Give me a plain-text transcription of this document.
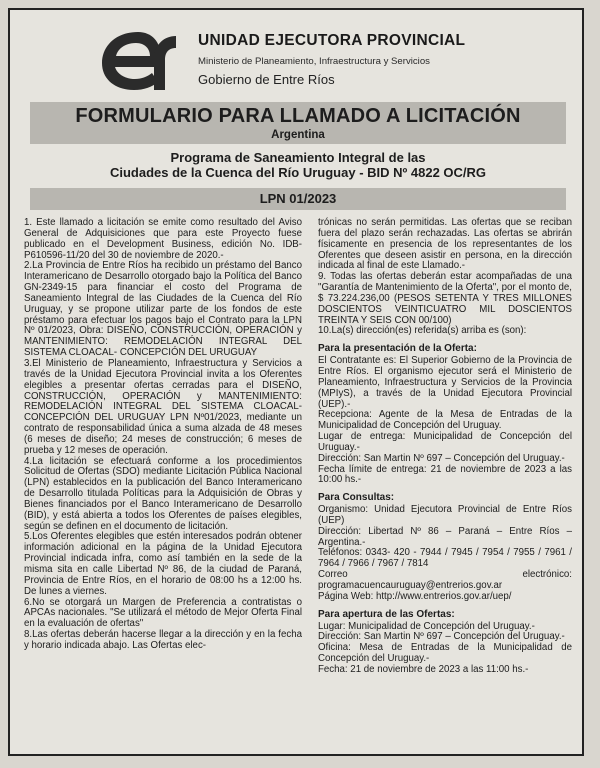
UNIDAD EJECUTORA PROVINCIAL
Ministerio de Planeamiento, Infraestructura y Servicios
Gobierno de Entre Ríos
FORMULARIO PARA LLAMADO A LICITACIÓN
Argentina
Programa de Saneamiento Integral de las
Ciudades de la Cuenca del Río Uruguay - BID Nº 4822 OC/RG
LPN 01/2023

1. Este llamado a licitación se emite como resultado del Aviso General de Adquisiciones que para este Proyecto fuese publicado en el Development Business, edición No. IDB-P610596-11/20 del 30 de noviembre de 2020.-

2.La Provincia de Entre Ríos ha recibido un préstamo del Banco Interamericano de Desarrollo otorgado bajo la Política del Banco GN-2349-15 para financiar el costo del Programa de Saneamiento Integral de las Ciudades de la Cuenca del Río Uruguay, y se propone utilizar parte de los fondos de este préstamo para efectuar los pagos bajo el Contrato para la LPN Nº 01/2023, Obra: DISEÑO, CONSTRUCCIÓN, OPERACIÓN y MANTENIMIENTO: REMODELACIÓN INTEGRAL DEL SISTEMA CLOACAL- CONCEPCIÓN DEL URUGUAY

3.El Ministerio de Planeamiento, Infraestructura y Servicios a través de la Unidad Ejecutora Provincial invita a los Oferentes elegibles a presentar ofertas cerradas para el DISEÑO, CONSTRUCCIÓN, OPERACIÓN y MANTENIMIENTO: REMODELACIÓN INTEGRAL DEL SISTEMA CLOACAL- CONCEPCIÓN DEL URUGUAY LPN Nº01/2023, mediante un contrato de responsabilidad única a suma alzada de 48 meses (6 meses de diseño; 24 meses de construcción; 6 meses de prueba y 12 meses de operación.

4.La licitación se efectuará conforme a los procedimientos Solicitud de Ofertas (SDO) mediante Licitación Pública Nacional (LPN) establecidos en la publicación del Banco Interamericano de Desarrollo titulada Políticas para la Adquisición de Obras y Bienes financiados por el Banco Interamericano de Desarrollo (BID), y está abierta a todos los Oferentes de países elegibles, según se definen en el documento de licitación.

5.Los Oferentes elegibles que estén interesados podrán obtener información adicional en la página de la Unidad Ejecutora Provincial indicada infra, como así también en la sede de la misma sita en calle Libertad Nº 86, de la ciudad de Paraná, Provincia de Entre Ríos, en el horario de 08:00 hs a 12:00 hs. De lunes a viernes.

6.No se otorgará un Margen de Preferencia a contratistas o APCAs nacionales. "Se utilizará el método de Mejor Oferta Final en la evaluación de ofertas"

8.Las ofertas deberán hacerse llegar a la dirección y en la fecha y horario indicada abajo. Las Ofertas elec-

trónicas no serán permitidas. Las ofertas que se reciban fuera del plazo serán rechazadas. Las ofertas se abrirán físicamente en presencia de los representantes de los Oferentes que deseen asistir en persona, en la dirección indicada al final de este Llamado.-

9. Todas las ofertas deberán estar acompañadas de una "Garantía de Mantenimiento de la Oferta", por el monto de, $ 73.224.236,00 (PESOS SETENTA Y TRES MILLONES DOSCIENTOS VEINTICUATRO MIL DOSCIENTOS TREINTA Y SEIS CON 00/100)

10.La(s) dirección(es) referida(s) arriba es (son):

Para la presentación de la Oferta:

El Contratante es: El Superior Gobierno de la Provincia de Entre Ríos. El organismo ejecutor será el Ministerio de Planeamiento, Infraestructura y Servicios de la Provincia (MPIyS), a través de la Unidad Ejecutora Provincial (UEP).-

Recepciona: Agente de la Mesa de Entradas de la Municipalidad de Concepción del Uruguay.

Lugar de entrega: Municipalidad de Concepción del Uruguay.-

Dirección: San Martin Nº 697 – Concepción del Uruguay.-

Fecha límite de entrega: 21 de noviembre de 2023 a las 10:00 hs.-

Para Consultas:

Organismo: Unidad Ejecutora Provincial de Entre Ríos (UEP)

Dirección: Libertad Nº 86 – Paraná – Entre Ríos – Argentina.-

Teléfonos: 0343- 420 - 7944 / 7945 / 7954 / 7955 / 7961 / 7964 / 7966 / 7967 / 7814

Correo electrónico: programacuencauruguay@entrerios.gov.ar

Página Web: http://www.entrerios.gov.ar/uep/

Para apertura de las Ofertas:

Lugar: Municipalidad de Concepción del Uruguay.-

Dirección: San Martin Nº 697 – Concepción del Uruguay.-

Oficina: Mesa de Entradas de la Municipalidad de Concepción del Uruguay.-

Fecha: 21 de noviembre de 2023 a las 11:00 hs.-
